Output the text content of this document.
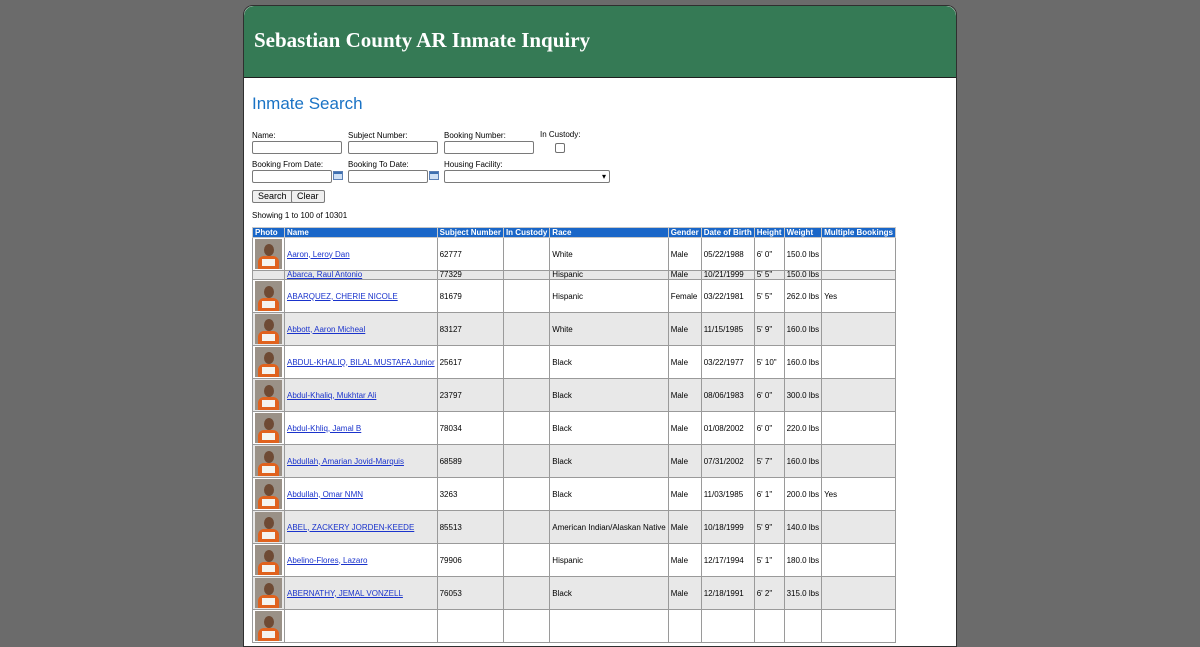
Sebastian County AR Inmate Inquiry
Inmate Search
Name:	Subject Number:	Booking Number:	In Custody:
Booking From Date:	Booking To Date:	Housing Facility:
▾
Search	Clear
Showing 1 to 100 of 10301
Photo	Name	Subject Number	In Custody	Race	Gender	Date of Birth	Height	Weight	Multiple Bookings

	Aaron, Leroy Dan	62777		White	Male	05/22/1988	6' 0"	150.0 lbs	
	Abarca, Raul Antonio	77329		Hispanic	Male	10/21/1999	5' 5"	150.0 lbs	

	ABARQUEZ, CHERIE NICOLE	81679		Hispanic	Female	03/22/1981	5' 5"	262.0 lbs	Yes

	Abbott, Aaron Micheal	83127		White	Male	11/15/1985	5' 9"	160.0 lbs	

	ABDUL-KHALIQ, BILAL MUSTAFA Junior	25617		Black	Male	03/22/1977	5' 10"	160.0 lbs	

	Abdul-Khaliq, Mukhtar Ali	23797		Black	Male	08/06/1983	6' 0"	300.0 lbs	

	Abdul-Khliq, Jamal B	78034		Black	Male	01/08/2002	6' 0"	220.0 lbs	

	Abdullah, Amarian Jovid-Marquis	68589		Black	Male	07/31/2002	5' 7"	160.0 lbs	

	Abdullah, Omar NMN	3263		Black	Male	11/03/1985	6' 1"	200.0 lbs	Yes

	ABEL, ZACKERY JORDEN-KEEDE	85513		American Indian/Alaskan Native	Male	10/18/1999	5' 9"	140.0 lbs	

	Abelino-Flores, Lazaro	79906		Hispanic	Male	12/17/1994	5' 1"	180.0 lbs	

	ABERNATHY, JEMAL VONZELL	76053		Black	Male	12/18/1991	6' 2"	315.0 lbs	
